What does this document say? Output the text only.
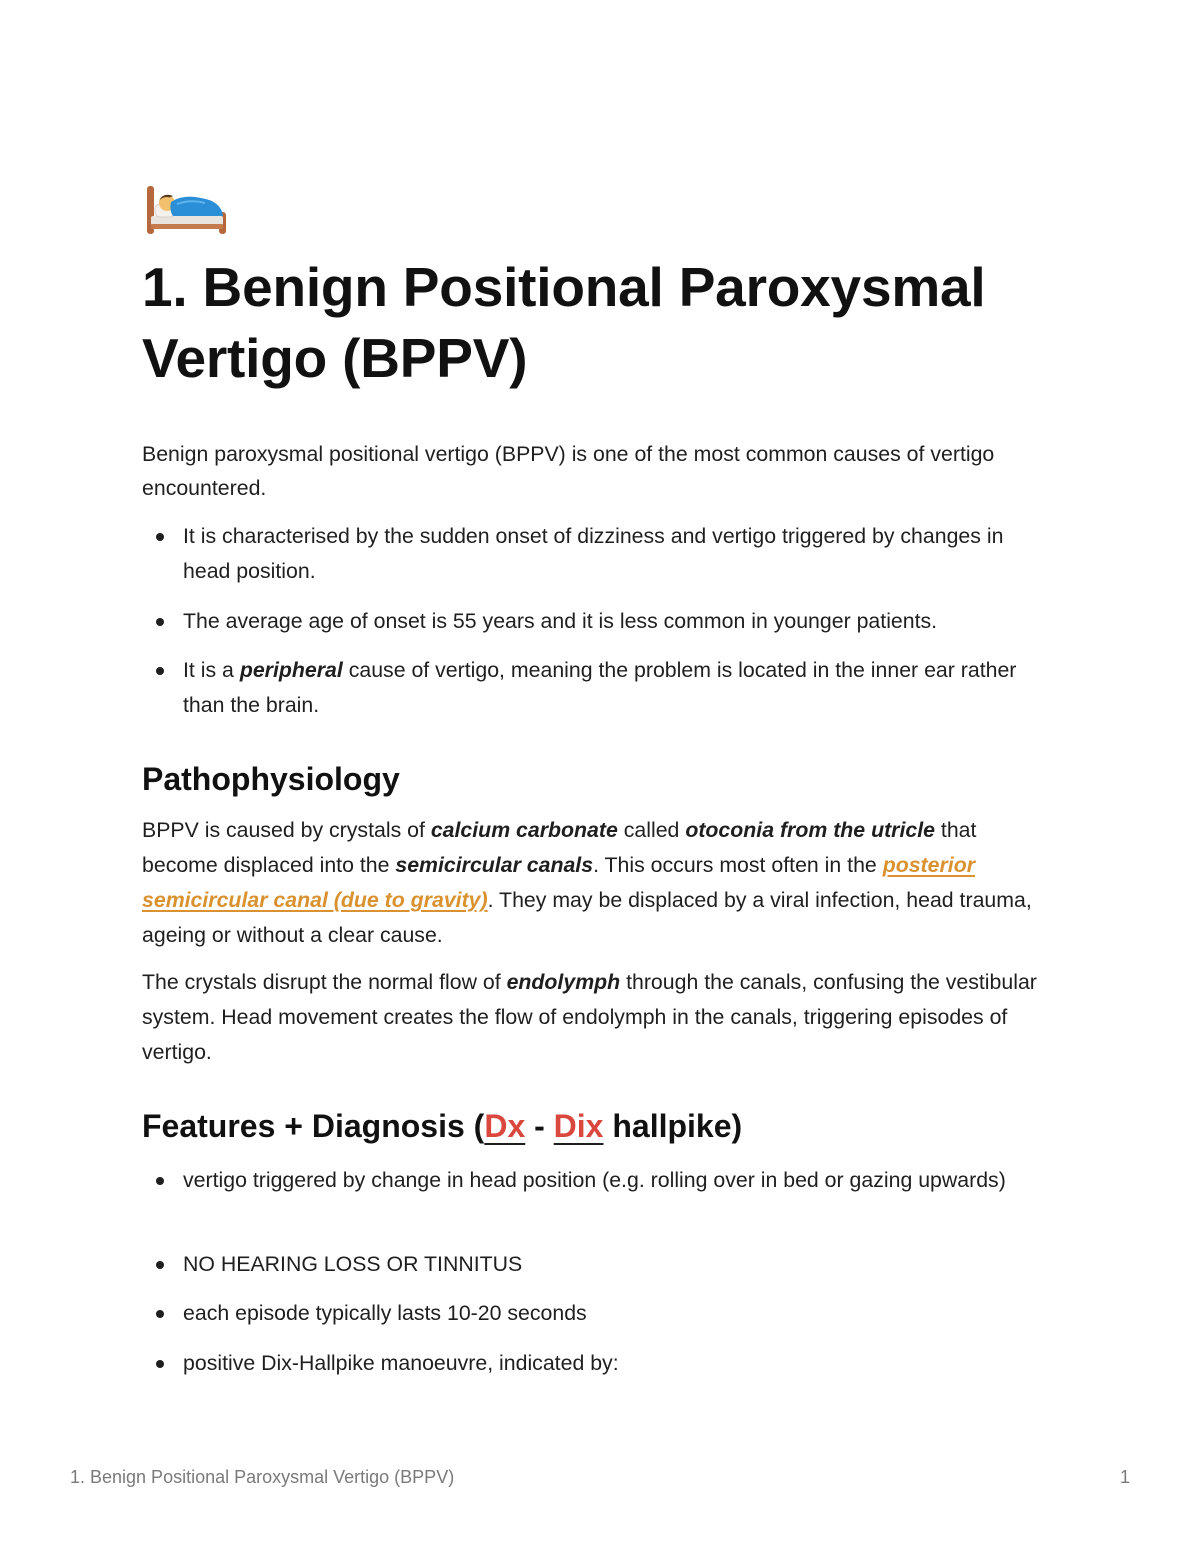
1. Benign Positional Paroxysmal Vertigo (BPPV)

Benign paroxysmal positional vertigo (BPPV) is one of the most common causes of vertigo encountered.

It is characterised by the sudden onset of dizziness and vertigo triggered by changes in head position.
The average age of onset is 55 years and it is less common in younger patients.
It is a peripheral cause of vertigo, meaning the problem is located in the inner ear rather than the brain.
Pathophysiology

BPPV is caused by crystals of calcium carbonate called otoconia from the utricle that become displaced into the semicircular canals. This occurs most often in the posterior semicircular canal (due to gravity). They may be displaced by a viral infection, head trauma, ageing or without a clear cause.

The crystals disrupt the normal flow of endolymph through the canals, confusing the vestibular system. Head movement creates the flow of endolymph in the canals, triggering episodes of vertigo.

Features + Diagnosis (Dx - Dix hallpike)
vertigo triggered by change in head position (e.g. rolling over in bed or gazing upwards)
NO HEARING LOSS OR TINNITUS
each episode typically lasts 10-20 seconds
positive Dix-Hallpike manoeuvre, indicated by:
1. Benign Positional Paroxysmal Vertigo (BPPV)	1
